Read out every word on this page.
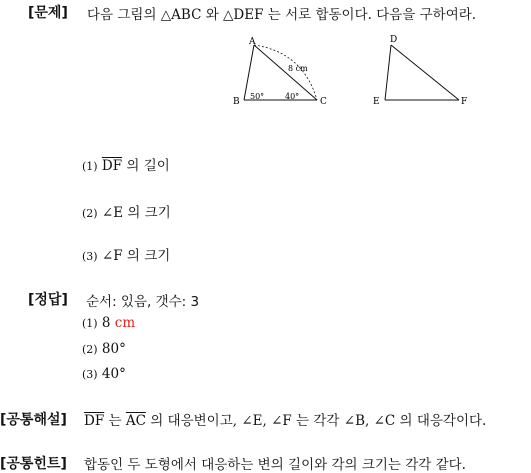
[문제] 다음 그림의 △ABC 와 △DEF 는 서로 합동이다. 다음을 구하여라.
A
B	C
50°	40°
8 cm
D
E	F
(1) $\overline{DF}$ 의 길이
(2) ∠E 의 크기
(3) ∠F 의 크기
[정답] 순서: 있음, 갯수: 3
(1) 8 cm
(2) 80°
(3) 40°
[공통해설] $\overline{DF}$ 는 $\overline{AC}$ 의 대응변이고, ∠E, ∠F 는 각각 ∠B, ∠C 의 대응각이다.
[공통힌트] 합동인 두 도형에서 대응하는 변의 길이와 각의 크기는 각각 같다.
